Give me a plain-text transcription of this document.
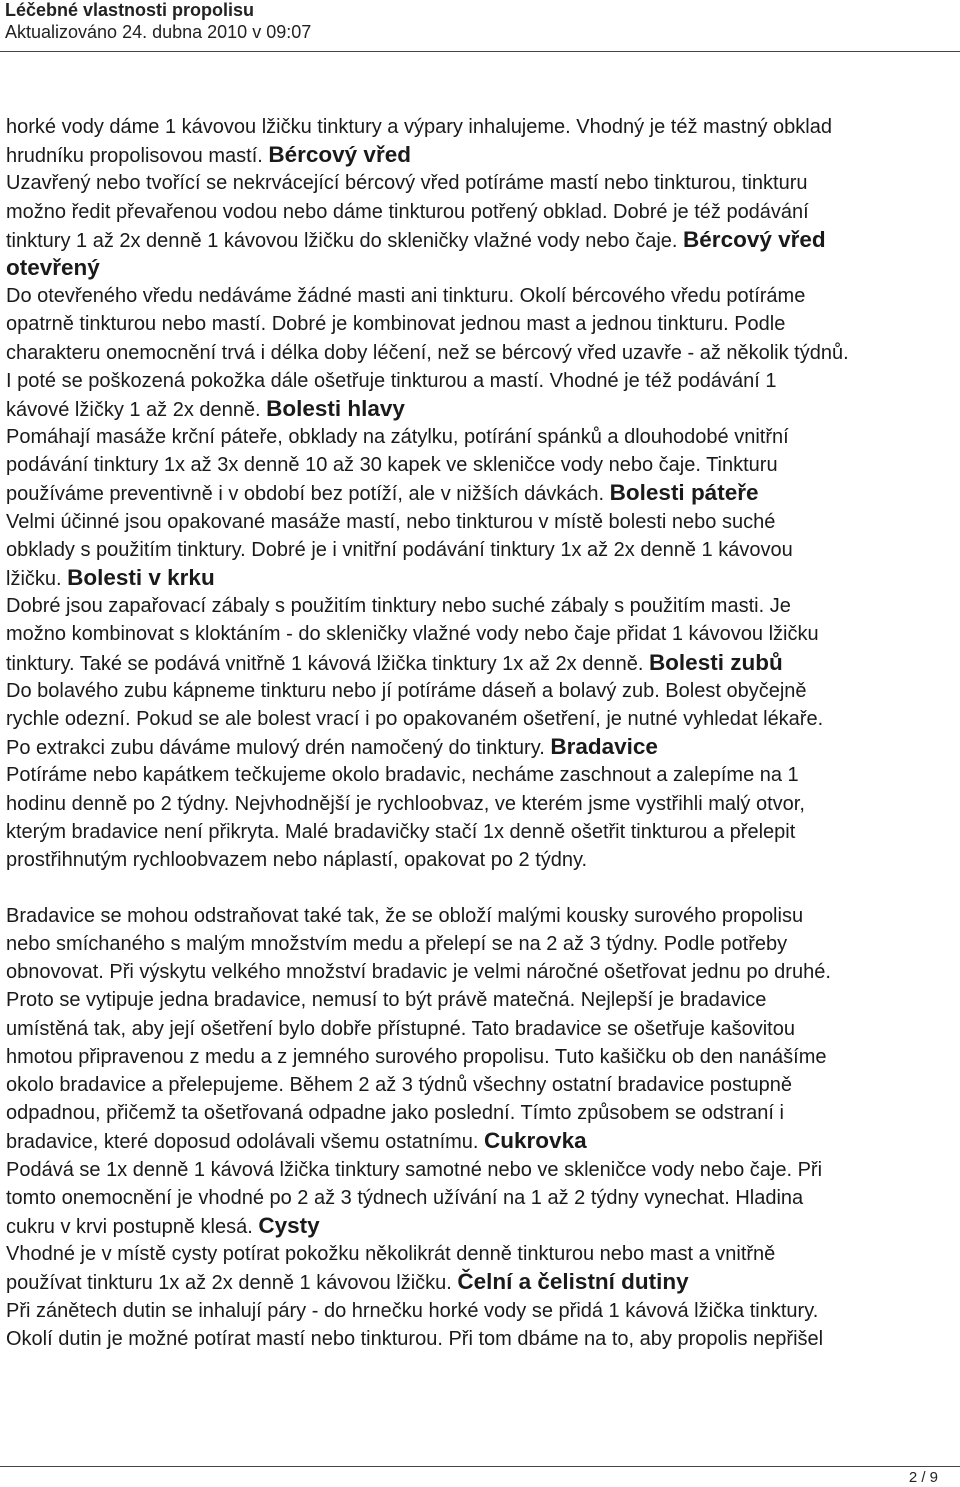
Léčebné vlastnosti propolisu
Aktualizováno 24. dubna 2010 v 09:07
horké vody dáme 1 kávovou lžičku tinktury a výpary inhalujeme. Vhodný je též mastný obklad
hrudníku propolisovou mastí. Bércový vřed
Uzavřený nebo tvořící se nekrvácející bércový vřed potíráme mastí nebo tinkturou, tinkturu
možno ředit převařenou vodou nebo dáme tinkturou potřený obklad. Dobré je též podávání
tinktury 1 až 2x denně 1 kávovou lžičku do skleničky vlažné vody nebo čaje. Bércový vřed
otevřený
Do otevřeného vředu nedáváme žádné masti ani tinkturu. Okolí bércového vředu potíráme
opatrně tinkturou nebo mastí. Dobré je kombinovat jednou mast a jednou tinkturu. Podle
charakteru onemocnění trvá i délka doby léčení, než se bércový vřed uzavře - až několik týdnů.
I poté se poškozená pokožka dále ošetřuje tinkturou a mastí. Vhodné je též podávání 1
kávové lžičky 1 až 2x denně. Bolesti hlavy
Pomáhají masáže krční páteře, obklady na zátylku, potírání spánků a dlouhodobé vnitřní
podávání tinktury 1x až 3x denně 10 až 30 kapek ve skleničce vody nebo čaje. Tinkturu
používáme preventivně i v období bez potíží, ale v nižších dávkách. Bolesti páteře
Velmi účinné jsou opakované masáže mastí, nebo tinkturou v místě bolesti nebo suché
obklady s použitím tinktury. Dobré je i vnitřní podávání tinktury 1x až 2x denně 1 kávovou
lžičku. Bolesti v krku
Dobré jsou zapařovací zábaly s použitím tinktury nebo suché zábaly s použitím masti. Je
možno kombinovat s kloktáním - do skleničky vlažné vody nebo čaje přidat 1 kávovou lžičku
tinktury. Také se podává vnitřně 1 kávová lžička tinktury 1x až 2x denně. Bolesti zubů
Do bolavého zubu kápneme tinkturu nebo jí potíráme dáseň a bolavý zub. Bolest obyčejně
rychle odezní. Pokud se ale bolest vrací i po opakovaném ošetření, je nutné vyhledat lékaře.
Po extrakci zubu dáváme mulový drén namočený do tinktury. Bradavice
Potíráme nebo kapátkem tečkujeme okolo bradavic, necháme zaschnout a zalepíme na 1
hodinu denně po 2 týdny. Nejvhodnější je rychloobvaz, ve kterém jsme vystřihli malý otvor,
kterým bradavice není přikryta. Malé bradavičky stačí 1x denně ošetřit tinkturou a přelepit
prostřihnutým rychloobvazem nebo náplastí, opakovat po 2 týdny.
Bradavice se mohou odstraňovat také tak, že se obloží malými kousky surového propolisu
nebo smíchaného s malým množstvím medu a přelepí se na 2 až 3 týdny. Podle potřeby
obnovovat. Při výskytu velkého množství bradavic je velmi náročné ošetřovat jednu po druhé.
Proto se vytipuje jedna bradavice, nemusí to být právě matečná. Nejlepší je bradavice
umístěná tak, aby její ošetření bylo dobře přístupné. Tato bradavice se ošetřuje kašovitou
hmotou připravenou z medu a z jemného surového propolisu. Tuto kašičku ob den nanášíme
okolo bradavice a přelepujeme. Během 2 až 3 týdnů všechny ostatní bradavice postupně
odpadnou, přičemž ta ošetřovaná odpadne jako poslední. Tímto způsobem se odstraní i
bradavice, které doposud odolávali všemu ostatnímu. Cukrovka
Podává se 1x denně 1 kávová lžička tinktury samotné nebo ve skleničce vody nebo čaje. Při
tomto onemocnění je vhodné po 2 až 3 týdnech užívání na 1 až 2 týdny vynechat. Hladina
cukru v krvi postupně klesá. Cysty
Vhodné je v místě cysty potírat pokožku několikrát denně tinkturou nebo mast a vnitřně
používat tinkturu 1x až 2x denně 1 kávovou lžičku. Čelní a čelistní dutiny
Při zánětech dutin se inhalují páry - do hrnečku horké vody se přidá 1 kávová lžička tinktury.
Okolí dutin je možné potírat mastí nebo tinkturou. Při tom dbáme na to, aby propolis nepřišel
2 / 9
